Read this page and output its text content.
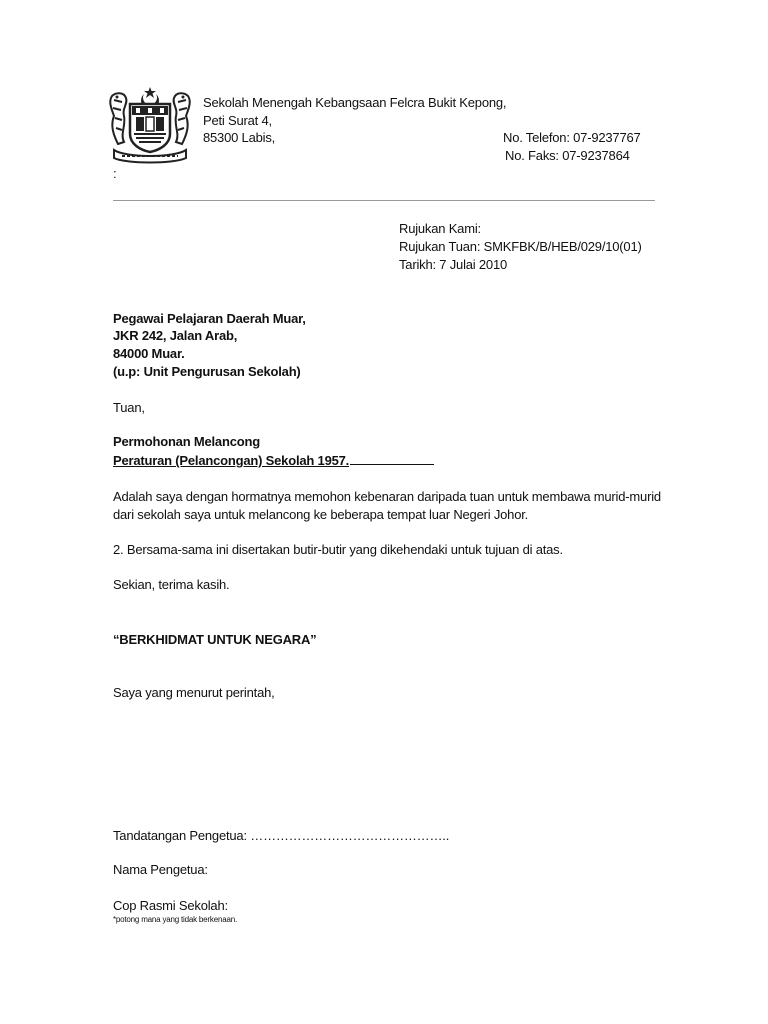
Sekolah Menengah Kebangsaan Felcra Bukit Kepong,
Peti Surat 4,
85300 Labis,	No. Telefon: 07-9237767
No. Faks: 07-9237864
:
Rujukan Kami:
Rujukan Tuan: SMKFBK/B/HEB/029/10(01)
Tarikh: 7 Julai 2010
Pegawai Pelajaran Daerah Muar,
JKR 242, Jalan Arab,
84000 Muar.
(u.p: Unit Pengurusan Sekolah)
Tuan,
Permohonan Melancong
Peraturan (Pelancongan) Sekolah 1957.
Adalah saya dengan hormatnya memohon kebenaran daripada tuan untuk membawa murid-murid
dari sekolah saya untuk melancong ke beberapa tempat luar Negeri Johor.
2. Bersama-sama ini disertakan butir-butir yang dikehendaki untuk tujuan di atas.
Sekian, terima kasih.
“BERKHIDMAT UNTUK NEGARA”
Saya yang menurut perintah,
Tandatangan Pengetua: ………………………………………..
Nama Pengetua:
Cop Rasmi Sekolah:
*potong mana yang tidak berkenaan.
